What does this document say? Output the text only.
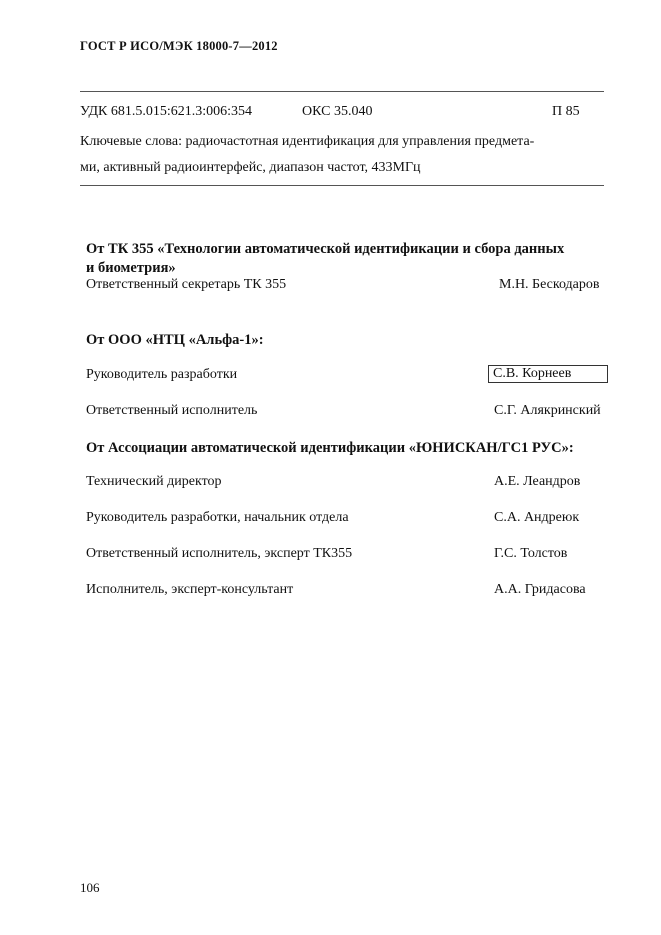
ГОСТ Р ИСО/МЭК 18000-7—2012
УДК 681.5.015:621.3:006:354	ОКС 35.040	П 85
Ключевые слова: радиочастотная идентификация для управления предмета-
ми, активный радиоинтерфейс, диапазон частот, 433МГц
От ТК 355 «Технологии автоматической идентификации и сбора данных
и биометрия»
Ответственный секретарь ТК 355	М.Н. Бескодаров
От ООО «НТЦ «Альфа-1»:
Руководитель разработки	С.В. Корнеев
Ответственный исполнитель	С.Г. Алякринский
От Ассоциации автоматической идентификации «ЮНИСКАН/ГС1 РУС»:
Технический директор	А.Е. Леандров
Руководитель разработки, начальник отдела	С.А. Андреюк
Ответственный исполнитель, эксперт ТК355	Г.С. Толстов
Исполнитель, эксперт-консультант	А.А. Гридасова
106
